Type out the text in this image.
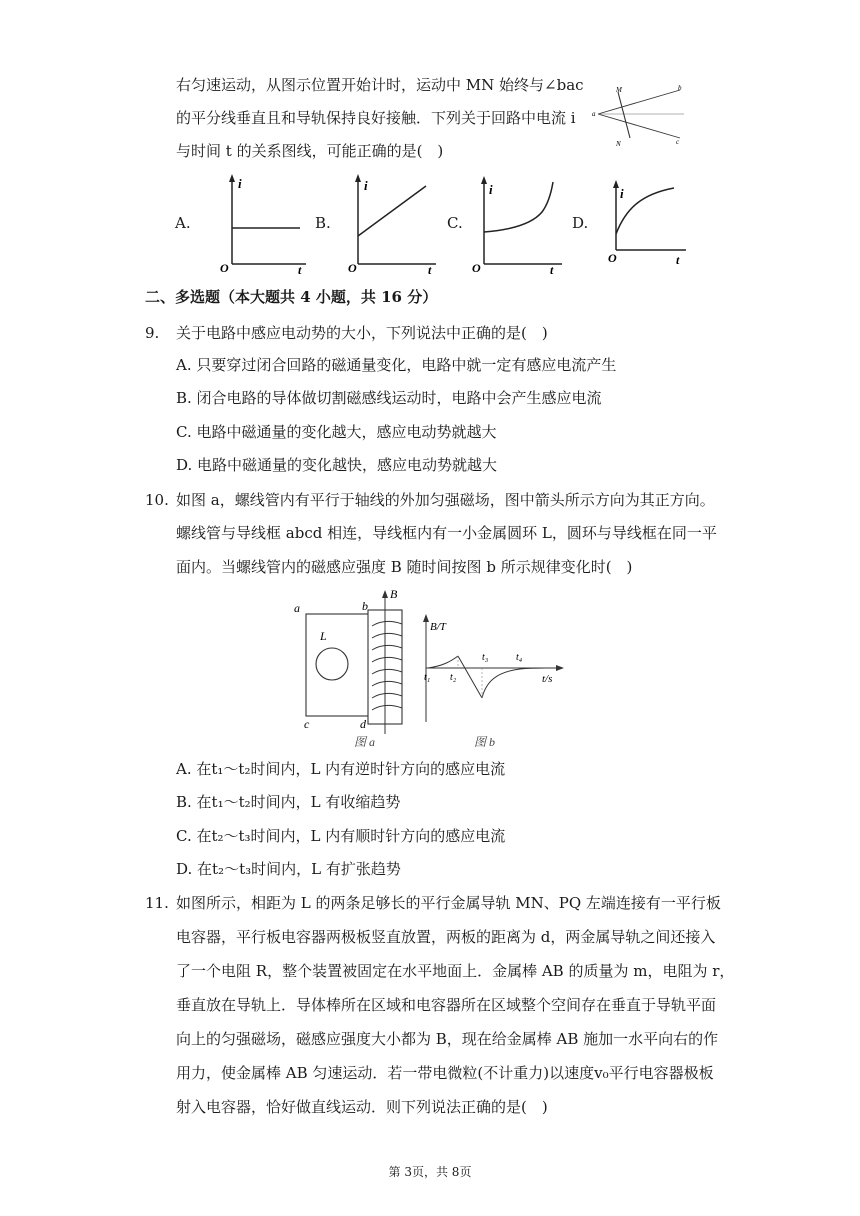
右匀速运动，从图示位置开始计时，运动中 MN 始终与∠bac
的平分线垂直且和导轨保持良好接触．下列关于回路中电流 i
与时间 t 的关系图线，可能正确的是(　)
M
N
a
b
c
A.
i
O	t
B.
i
O	t
C.
i
O	t
D.
i
O	t
二、多选题（本大题共 4 小题，共 16 分）
9. 关于电路中感应电动势的大小，下列说法中正确的是(　)
A. 只要穿过闭合回路的磁通量变化，电路中就一定有感应电流产生
B. 闭合电路的导体做切割磁感线运动时，电路中会产生感应电流
C. 电路中磁通量的变化越大，感应电动势就越大
D. 电路中磁通量的变化越快，感应电动势就越大
10. 如图 a，螺线管内有平行于轴线的外加匀强磁场，图中箭头所示方向为其正方向。
螺线管与导线框 abcd 相连，导线框内有一小金属圆环 L，圆环与导线框在同一平
面内。当螺线管内的磁感应强度 B 随时间按图 b 所示规律变化时(　)
a	b
c	d
L
B
图 a
B/T
t/s
t₁ t₂
t₃	t₄
图 b
A. 在t₁～t₂时间内，L 内有逆时针方向的感应电流
B. 在t₁～t₂时间内，L 有收缩趋势
C. 在t₂～t₃时间内，L 内有顺时针方向的感应电流
D. 在t₂～t₃时间内，L 有扩张趋势
11. 如图所示，相距为 L 的两条足够长的平行金属导轨 MN、PQ 左端连接有一平行板
电容器，平行板电容器两极板竖直放置，两板的距离为 d，两金属导轨之间还接入
了一个电阻 R，整个装置被固定在水平地面上．金属棒 AB 的质量为 m，电阻为 r，
垂直放在导轨上．导体棒所在区域和电容器所在区域整个空间存在垂直于导轨平面
向上的匀强磁场，磁感应强度大小都为 B，现在给金属棒 AB 施加一水平向右的作
用力，使金属棒 AB 匀速运动．若一带电微粒(不计重力)以速度v₀平行电容器极板
射入电容器，恰好做直线运动．则下列说法正确的是(　)
第 3页，共 8页
